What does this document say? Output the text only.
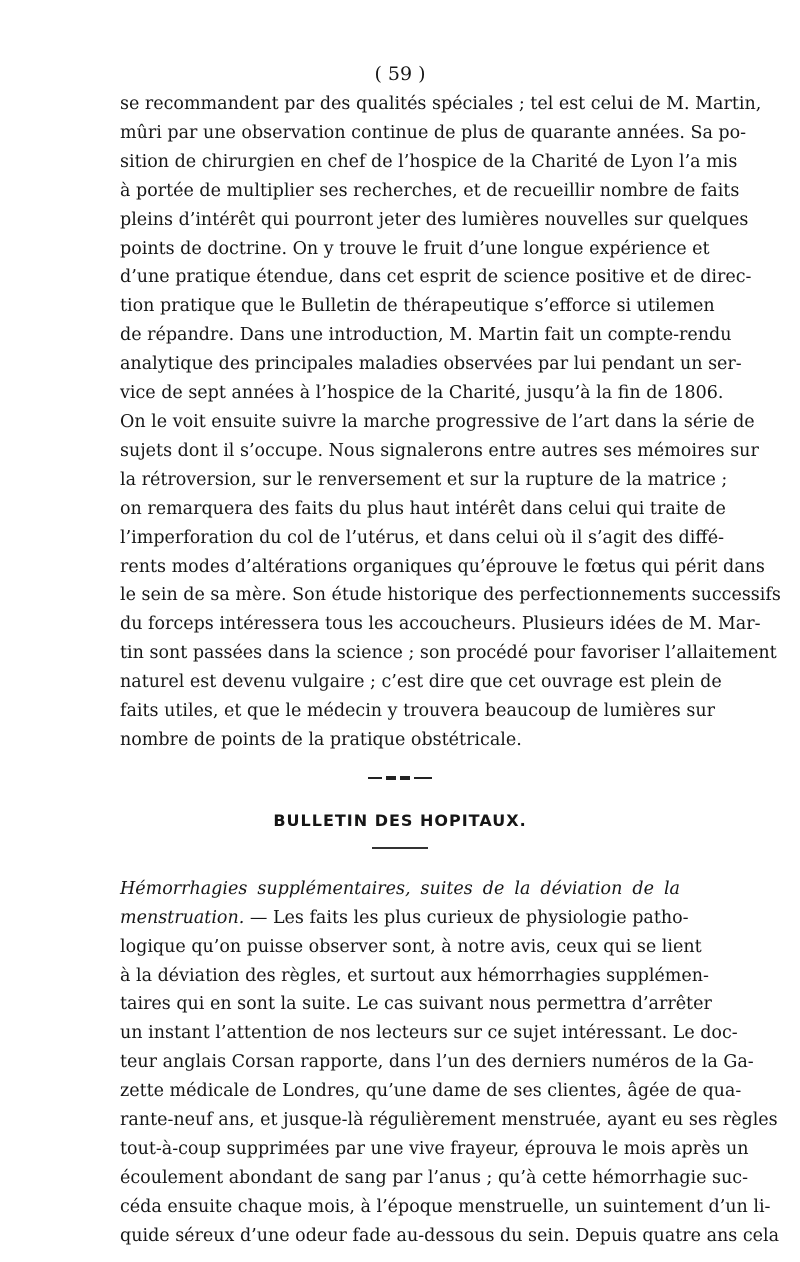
( 59 )
se recommandent par des qualités spéciales ; tel est celui de M. Martin,
mûri par une observation continue de plus de quarante années. Sa po-
sition de chirurgien en chef de l’hospice de la Charité de Lyon l’a mis
à portée de multiplier ses recherches, et de recueillir nombre de faits
pleins d’intérêt qui pourront jeter des lumières nouvelles sur quelques
points de doctrine. On y trouve le fruit d’une longue expérience et
d’une pratique étendue, dans cet esprit de science positive et de direc-
tion pratique que le Bulletin de thérapeutique s’efforce si utilemen
de répandre. Dans une introduction, M. Martin fait un compte-rendu
analytique des principales maladies observées par lui pendant un ser-
vice de sept années à l’hospice de la Charité, jusqu’à la fin de 1806.
On le voit ensuite suivre la marche progressive de l’art dans la série de
sujets dont il s’occupe. Nous signalerons entre autres ses mémoires sur
la rétroversion, sur le renversement et sur la rupture de la matrice ;
on remarquera des faits du plus haut intérêt dans celui qui traite de
l’imperforation du col de l’utérus, et dans celui où il s’agit des diffé-
rents modes d’altérations organiques qu’éprouve le fœtus qui périt dans
le sein de sa mère. Son étude historique des perfectionnements successifs
du forceps intéressera tous les accoucheurs. Plusieurs idées de M. Mar-
tin sont passées dans la science ; son procédé pour favoriser l’allaitement
naturel est devenu vulgaire ; c’est dire que cet ouvrage est plein de
faits utiles, et que le médecin y trouvera beaucoup de lumières sur
nombre de points de la pratique obstétricale.
BULLETIN DES HOPITAUX.
Hémorrhagies supplémentaires, suites de la déviation de la
menstruation. — Les faits les plus curieux de physiologie patho-
logique qu’on puisse observer sont, à notre avis, ceux qui se lient
à la déviation des règles, et surtout aux hémorrhagies supplémen-
taires qui en sont la suite. Le cas suivant nous permettra d’arrêter
un instant l’attention de nos lecteurs sur ce sujet intéressant. Le doc-
teur anglais Corsan rapporte, dans l’un des derniers numéros de la Ga-
zette médicale de Londres, qu’une dame de ses clientes, âgée de qua-
rante-neuf ans, et jusque-là régulièrement menstruée, ayant eu ses règles
tout-à-coup supprimées par une vive frayeur, éprouva le mois après un
écoulement abondant de sang par l’anus ; qu’à cette hémorrhagie suc-
céda ensuite chaque mois, à l’époque menstruelle, un suintement d’un li-
quide séreux d’une odeur fade au-dessous du sein. Depuis quatre ans cela
